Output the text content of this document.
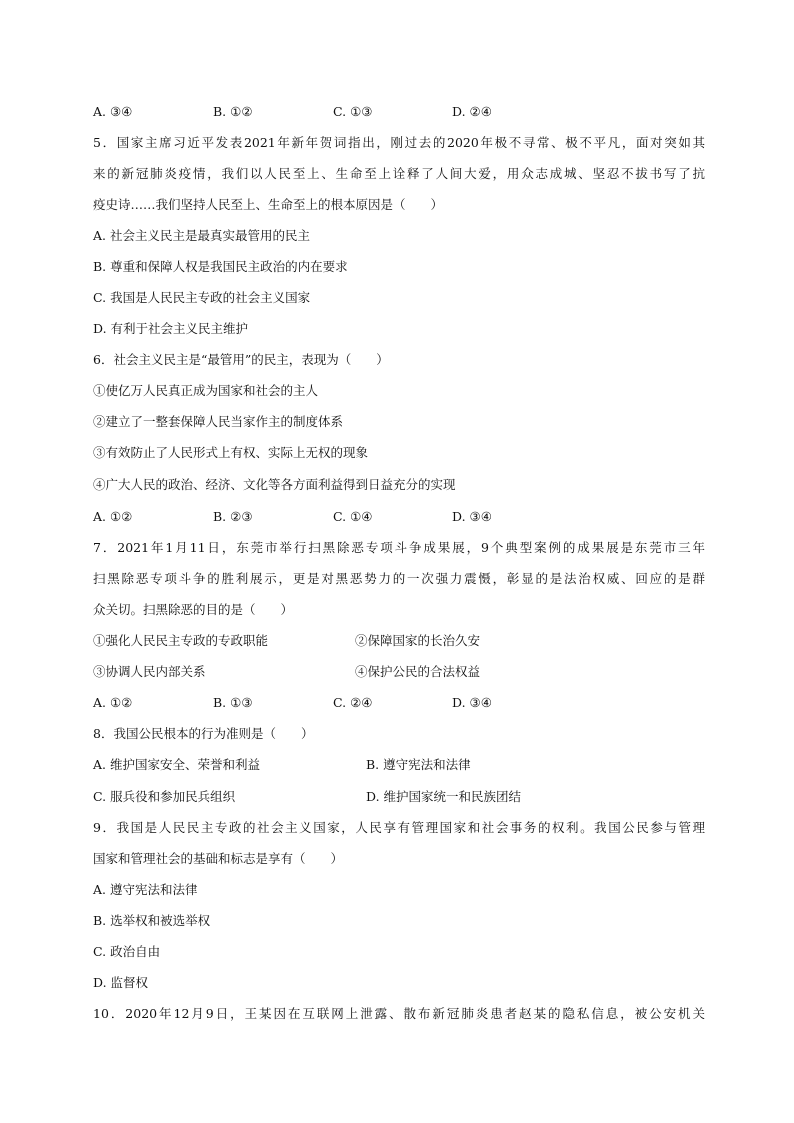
A. ③④	B. ①②	C. ①③	D. ②④
5．国家主席习近平发表2021年新年贺词指出，刚过去的2020年极不寻常、极不平凡，面对突如其
来的新冠肺炎疫情，我们以人民至上、生命至上诠释了人间大爱，用众志成城、坚忍不拔书写了抗
疫史诗……我们坚持人民至上、生命至上的根本原因是（　　）
A. 社会主义民主是最真实最管用的民主
B. 尊重和保障人权是我国民主政治的内在要求
C. 我国是人民民主专政的社会主义国家
D. 有利于社会主义民主维护
6．社会主义民主是“最管用”的民主，表现为（　　）
①使亿万人民真正成为国家和社会的主人
②建立了一整套保障人民当家作主的制度体系
③有效防止了人民形式上有权、实际上无权的现象
④广大人民的政治、经济、文化等各方面利益得到日益充分的实现
A. ①②	B. ②③	C. ①④	D. ③④
7．2021年1月11日，东莞市举行扫黑除恶专项斗争成果展，9个典型案例的成果展是东莞市三年
扫黑除恶专项斗争的胜利展示，更是对黑恶势力的一次强力震慑，彰显的是法治权威、回应的是群
众关切。扫黑除恶的目的是（　　）
①强化人民民主专政的专政职能	②保障国家的长治久安
③协调人民内部关系	④保护公民的合法权益
A. ①②	B. ①③	C. ②④	D. ③④
8．我国公民根本的行为准则是（　　）
A. 维护国家安全、荣誉和利益	B. 遵守宪法和法律
C. 服兵役和参加民兵组织	D. 维护国家统一和民族团结
9．我国是人民民主专政的社会主义国家，人民享有管理国家和社会事务的权利。我国公民参与管理
国家和管理社会的基础和标志是享有（　　）
A. 遵守宪法和法律
B. 选举权和被选举权
C. 政治自由
D. 监督权
10．2020年12月9日，王某因在互联网上泄露、散布新冠肺炎患者赵某的隐私信息，被公安机关
